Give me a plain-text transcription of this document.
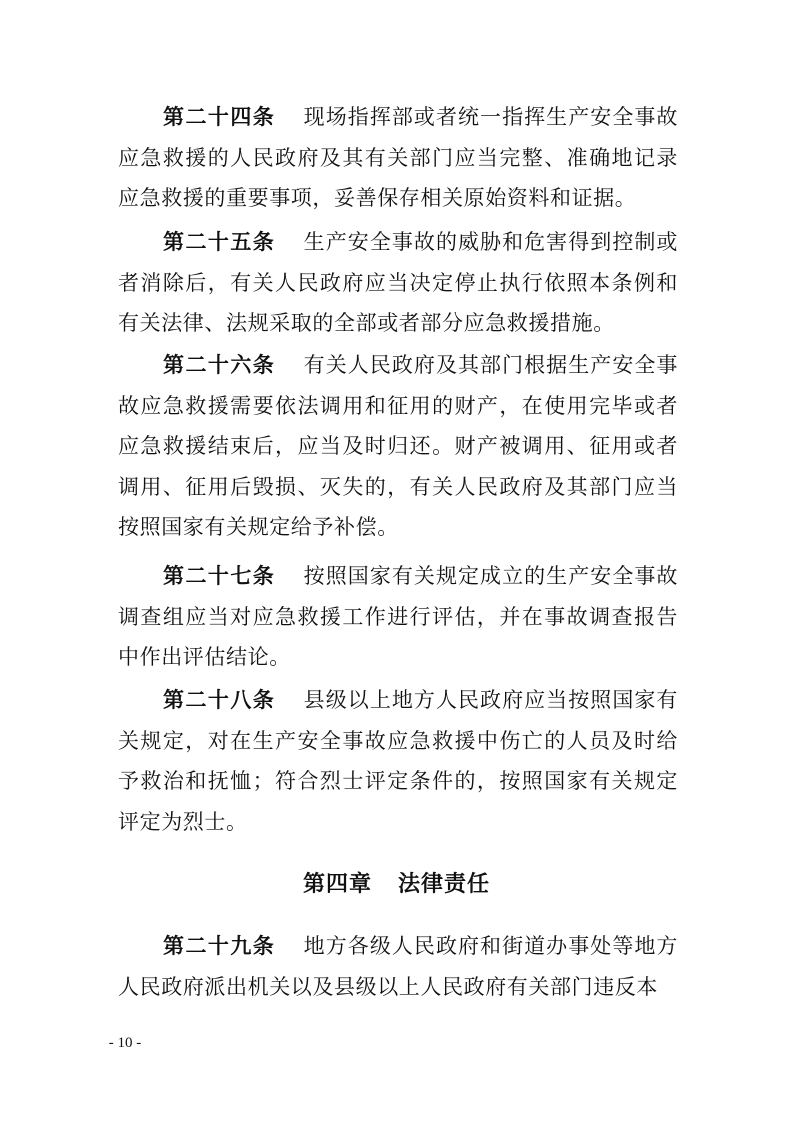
第二十四条 现场指挥部或者统一指挥生产安全事故应急救援的人民政府及其有关部门应当完整、准确地记录应急救援的重要事项，妥善保存相关原始资料和证据。

第二十五条 生产安全事故的威胁和危害得到控制或者消除后，有关人民政府应当决定停止执行依照本条例和有关法律、法规采取的全部或者部分应急救援措施。

第二十六条 有关人民政府及其部门根据生产安全事故应急救援需要依法调用和征用的财产，在使用完毕或者应急救援结束后，应当及时归还。财产被调用、征用或者调用、征用后毁损、灭失的，有关人民政府及其部门应当按照国家有关规定给予补偿。

第二十七条 按照国家有关规定成立的生产安全事故调查组应当对应急救援工作进行评估，并在事故调查报告中作出评估结论。

第二十八条 县级以上地方人民政府应当按照国家有关规定，对在生产安全事故应急救援中伤亡的人员及时给予救治和抚恤；符合烈士评定条件的，按照国家有关规定评定为烈士。

第四章 法律责任

第二十九条 地方各级人民政府和街道办事处等地方人民政府派出机关以及县级以上人民政府有关部门违反本

- 10 -
